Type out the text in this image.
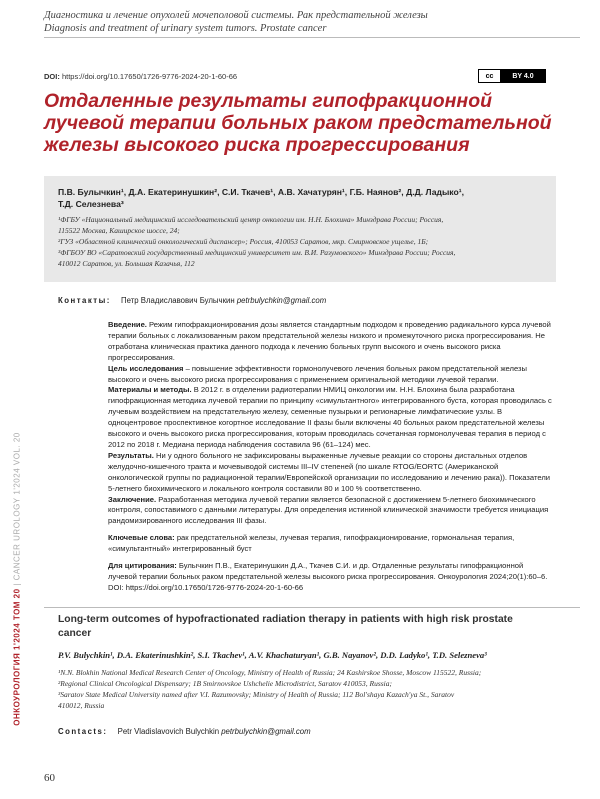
Диагностика и лечение опухолей мочеполовой системы. Рак предстательной железы
Diagnosis and treatment of urinary system tumors. Prostate cancer
DOI: https://doi.org/10.17650/1726-9776-2024-20-1-60-66	cc	BY 4.0
Отдаленные результаты гипофракционной лучевой терапии больных раком предстательной железы высокого риска прогрессирования
П.В. Булычкин¹, Д.А. Екатеринушкин², С.И. Ткачев¹, А.В. Хачатурян¹, Г.Б. Наянов², Д.Д. Ладыко¹,
Т.Д. Селезнева³
¹ФГБУ «Национальный медицинский исследовательский центр онкологии им. Н.Н. Блохина» Минздрава России; Россия,
115522 Москва, Каширское шоссе, 24;
²ГУЗ «Областной клинический онкологический диспансер»; Россия, 410053 Саратов, мкр. Смирновское ущелье, 1Б;
³ФГБОУ ВО «Саратовский государственный медицинский университет им. В.И. Разумовского» Минздрава России; Россия,
410012 Саратов, ул. Большая Казачья, 112
Контакты: Петр Владиславович Булычкин petrbulychkin@gmail.com

Введение. Режим гипофракционирования дозы является стандартным подходом к проведению радикального курса лучевой терапии больных с локализованным раком предстательной железы низкого и промежуточного риска прогрессирования. Не отработана клиническая практика данного подхода к лечению больных групп высокого и очень высокого риска прогрессирования.

Цель исследования – повышение эффективности гормонолучевого лечения больных раком предстательной железы высокого и очень высокого риска прогрессирования с применением оригинальной методики лучевой терапии.

Материалы и методы. В 2012 г. в отделении радиотерапии НМИЦ онкологии им. Н.Н. Блохина была разработана гипофракционная методика лучевой терапии по принципу «симультантного» интегрированного буста, которая проводилась с лучевым воздействием на предстательную железу, семенные пузырьки и регионарные лимфатические узлы. В одноцентровое проспективное когортное исследование II фазы были включены 40 больных раком предстательной железы высокого и очень высокого риска прогрессирования, которым проводилась сочетанная гормонолучевая терапия в период с 2012 по 2018 г. Медиана периода наблюдения составила 96 (61–124) мес.

Результаты. Ни у одного больного не зафиксированы выраженные лучевые реакции со стороны дистальных отделов желудочно-кишечного тракта и мочевыводой системы III–IV степеней (по шкале RTOG/EORTC (Американской онкологической группы по радиационной терапии/Европейской организации по исследованию и лечению рака)). Показатели 5-летнего биохимического и локального контроля составили 80 и 100 % соответственно.

Заключение. Разработанная методика лучевой терапии является безопасной с достижением 5-летнего биохимического контроля, сопоставимого с данными литературы. Для определения истинной клинической значимости требуется инициация рандомизированного исследования III фазы.

Ключевые слова: рак предстательной железы, лучевая терапия, гипофракционирование, гормональная терапия, «симультантный» интегрированный буст

Для цитирования: Булычкин П.В., Екатеринушкин Д.А., Ткачев С.И. и др. Отдаленные результаты гипофракционной лучевой терапии больных раком предстательной железы высокого риска прогрессирования. Онкоурология 2024;20(1):60–6. DOI: https://doi.org/10.17650/1726-9776-2024-20-1-60-66

Long-term outcomes of hypofractionated radiation therapy in patients with high risk prostate cancer
P.V. Bulychkin¹, D.A. Ekaterinushkin², S.I. Tkachev¹, A.V. Khachaturyan¹, G.B. Nayanov², D.D. Ladyko¹, T.D. Selezneva³
¹N.N. Blokhin National Medical Research Center of Oncology, Ministry of Health of Russia; 24 Kashirskoe Shosse, Moscow 115522, Russia;
²Regional Clinical Oncological Dispensary; 1B Smirnovskoe Ushchelie Microdistrict, Saratov 410053, Russia;
³Saratov State Medical University named after V.I. Razumovsky; Ministry of Health of Russia; 112 Bol'shaya Kazach'ya St., Saratov
410012, Russia
Contacts: Petr Vladislavovich Bulychkin petrbulychkin@gmail.com
60
ОНКОУРОЛОГИЯ 1'2024 ТОМ 20 | CANCER UROLOGY 1'2024 VOL. 20
